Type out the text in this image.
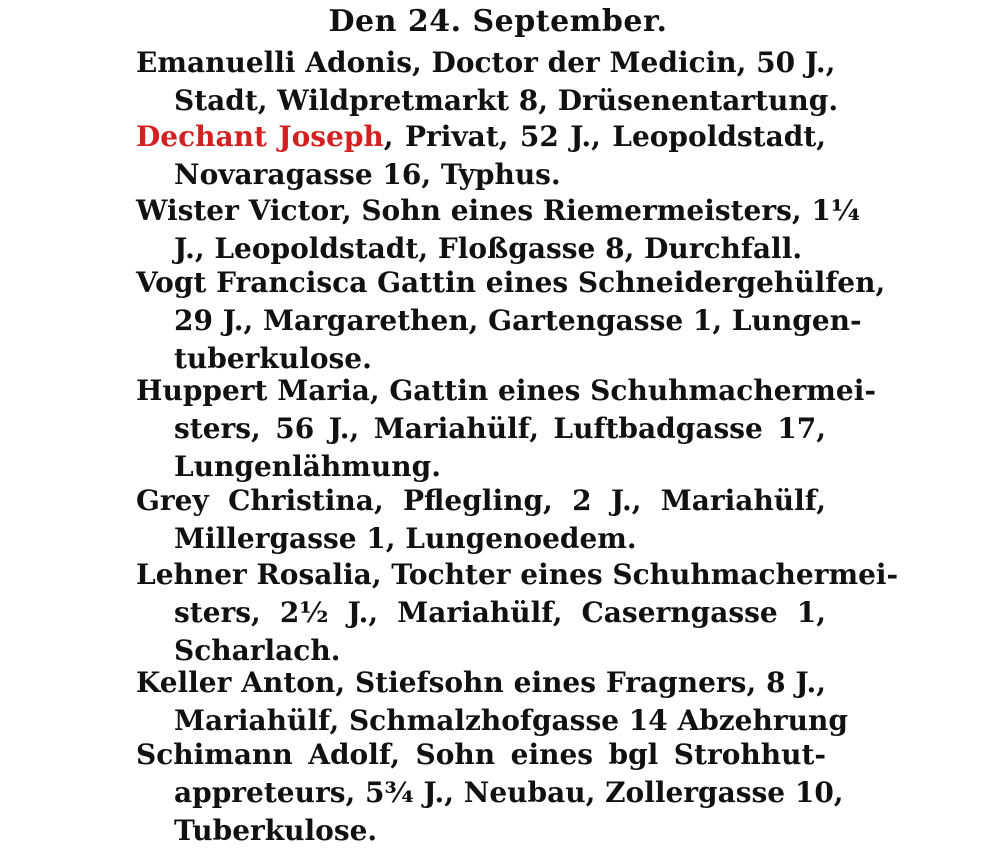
Den 24. September.
Emanuelli Adonis, Doctor der Medicin, 50 J.,
Stadt, Wildpretmarkt 8, Drüsenentartung.
Dechant Joseph, Privat, 52 J., Leopoldstadt,
Novaragasse 16, Typhus.
Wister Victor, Sohn eines Riemermeisters, 1¼
J., Leopoldstadt, Floßgasse 8, Durchfall.
Vogt Francisca Gattin eines Schneidergehülfen,
29 J., Margarethen, Gartengasse 1, Lungen-
tuberkulose.
Huppert Maria, Gattin eines Schuhmachermei-
sters, 56 J., Mariahülf, Luftbadgasse 17,
Lungenlähmung.
Grey Christina, Pflegling, 2 J., Mariahülf,
Millergasse 1, Lungenoedem.
Lehner Rosalia, Tochter eines Schuhmachermei-
sters, 2½ J., Mariahülf, Caserngasse 1,
Scharlach.
Keller Anton, Stiefsohn eines Fragners, 8 J.,
Mariahülf, Schmalzhofgasse 14 Abzehrung
Schimann Adolf, Sohn eines bgl Strohhut-
appreteurs, 5¾ J., Neubau, Zollergasse 10,
Tuberkulose.
